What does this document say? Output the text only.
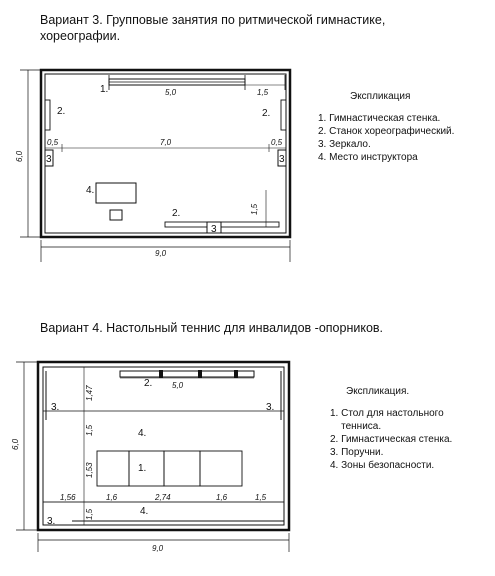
Вариант 3. Групповые занятия по ритмической гимнастике, хореографии.
1.	5,0	1,5
2.
3
2.
3
0,5	7,0	0,5
4.
2.
3
1,5
9,0
6,0
Экспликация
1. Гимнастическая стенка.
2. Станок хореографический.
3. Зеркало.
4. Место инструктора
Вариант 4. Настольный теннис для инвалидов -опорников.
2. 5,0
1,47
1,5
1,53
1,5
3.	3.
3.
4.
4.
1.
1,56	1,6	2,74	1,6	1,5
9,0
6,0
Экспликация.
1. Стол для настольного
тенниса.
2. Гимнастическая стенка.
3. Поручни.
4. Зоны безопасности.
